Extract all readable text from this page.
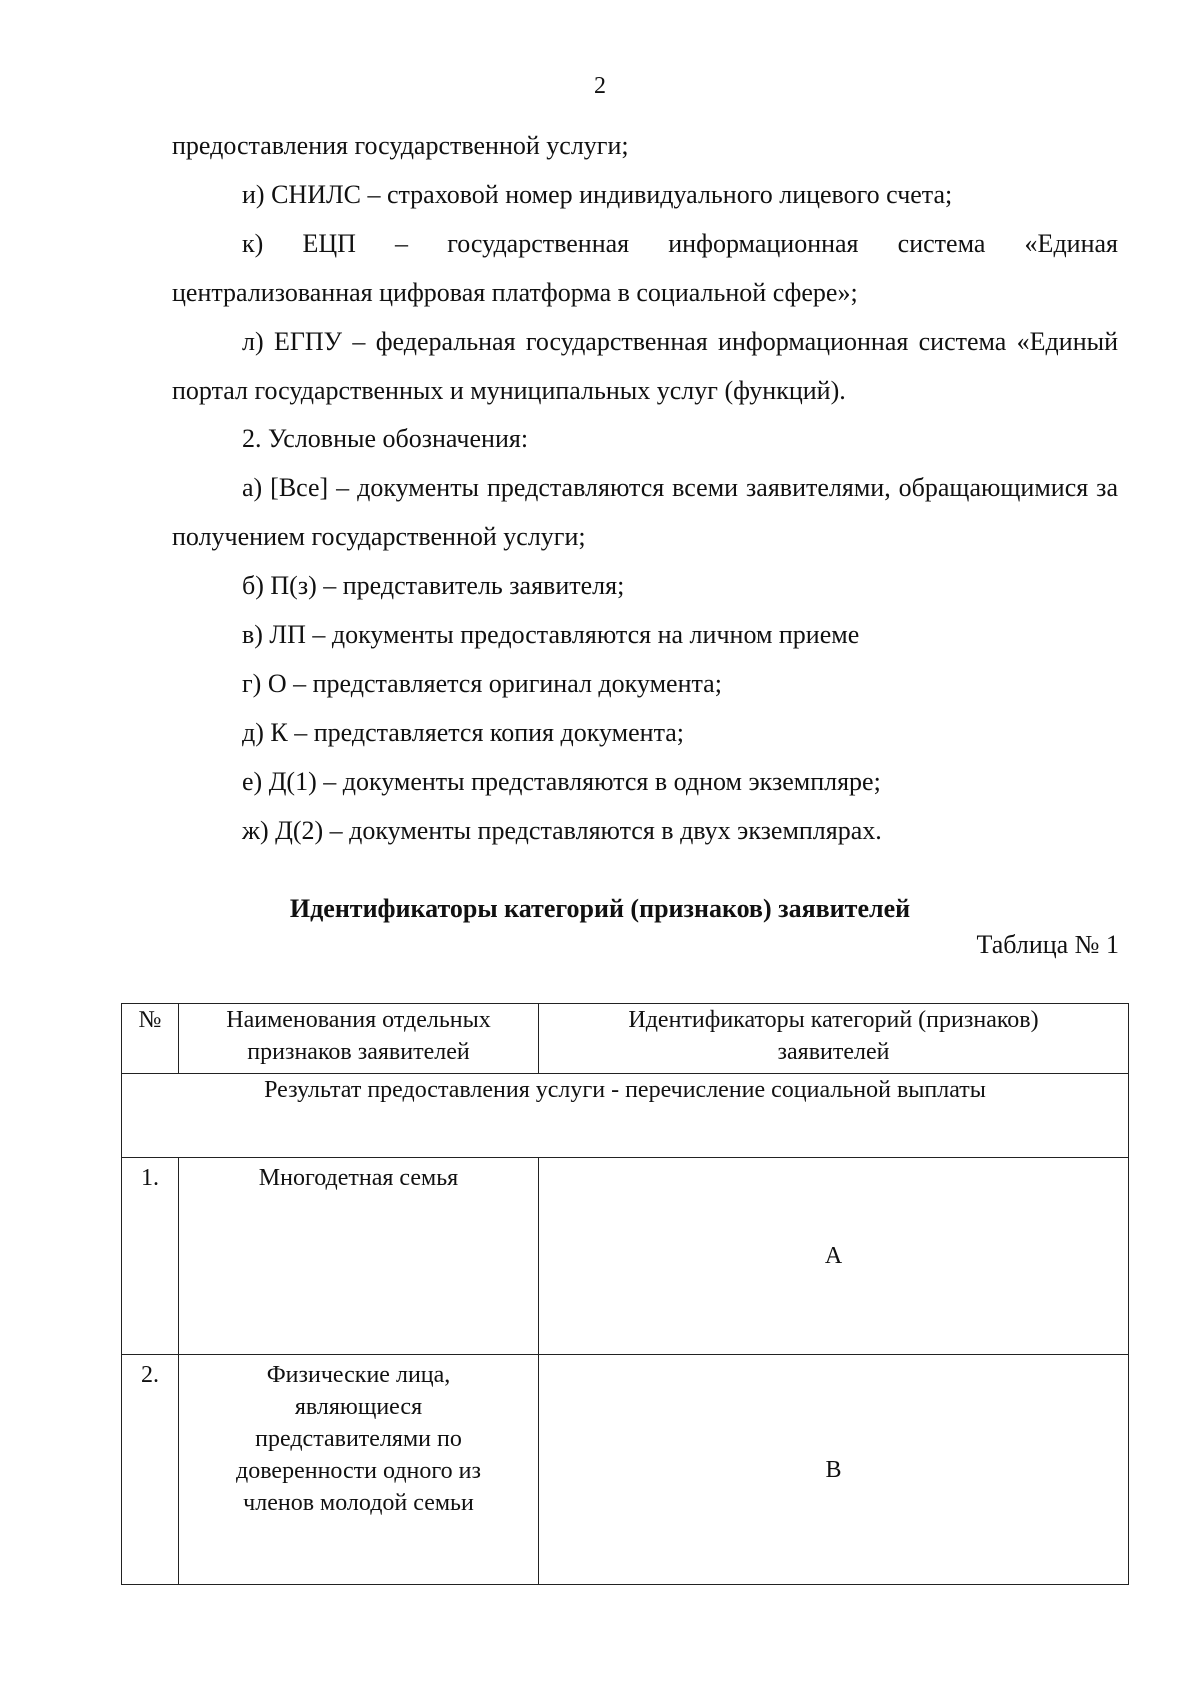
2

предоставления государственной услуги;

и) СНИЛС – страховой номер индивидуального лицевого счета;

к) ЕЦП – государственная информационная система «Единая централизованная цифровая платформа в социальной сфере»;

л) ЕГПУ – федеральная государственная информационная система «Единый портал государственных и муниципальных услуг (функций).

2. Условные обозначения:

а) [Все] – документы представляются всеми заявителями, обращающимися за получением государственной услуги;

б) П(з) – представитель заявителя;

в) ЛП – документы предоставляются на личном приеме

г) О – представляется оригинал документа;

д) К – представляется копия документа;

е) Д(1) – документы представляются в одном экземпляре;

ж) Д(2) – документы представляются в двух экземплярах.

Идентификаторы категорий (признаков) заявителей
Таблица № 1
№	Наименования отдельных признаков заявителей	Идентификаторы категорий (признаков) заявителей
Результат предоставления услуги - перечисление социальной выплаты		
1.	Многодетная семья	А
2.	Физические лица, являющиеся представителями по доверенности одного из членов молодой семьи	В
